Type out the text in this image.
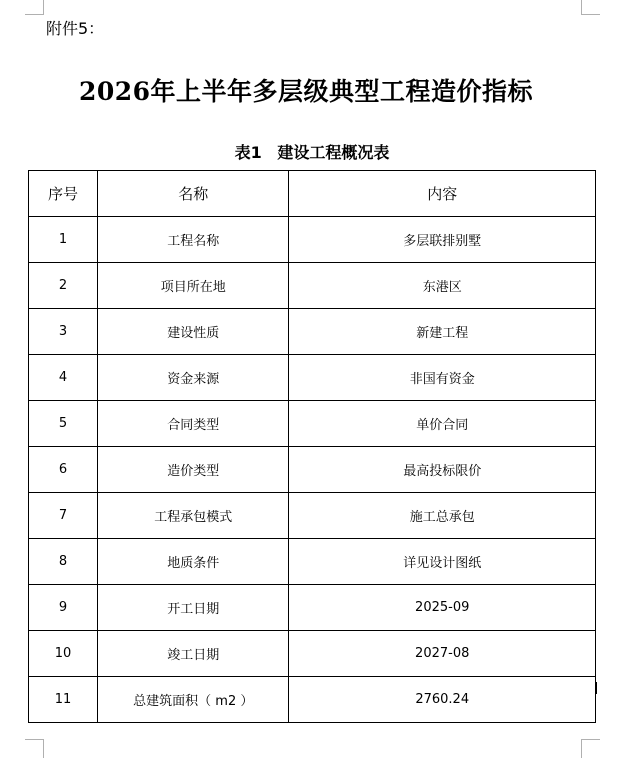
附件5：
2026年上半年多层级典型工程造价指标
表1 建设工程概况表
序号	名称	内容
1	工程名称	多层联排别墅
2	项目所在地	东港区
3	建设性质	新建工程
4	资金来源	非国有资金
5	合同类型	单价合同
6	造价类型	最高投标限价
7	工程承包模式	施工总承包
8	地质条件	详见设计图纸
9	开工日期	2025-09
10	竣工日期	2027-08
11	总建筑面积（ m2 ）	2760.24
